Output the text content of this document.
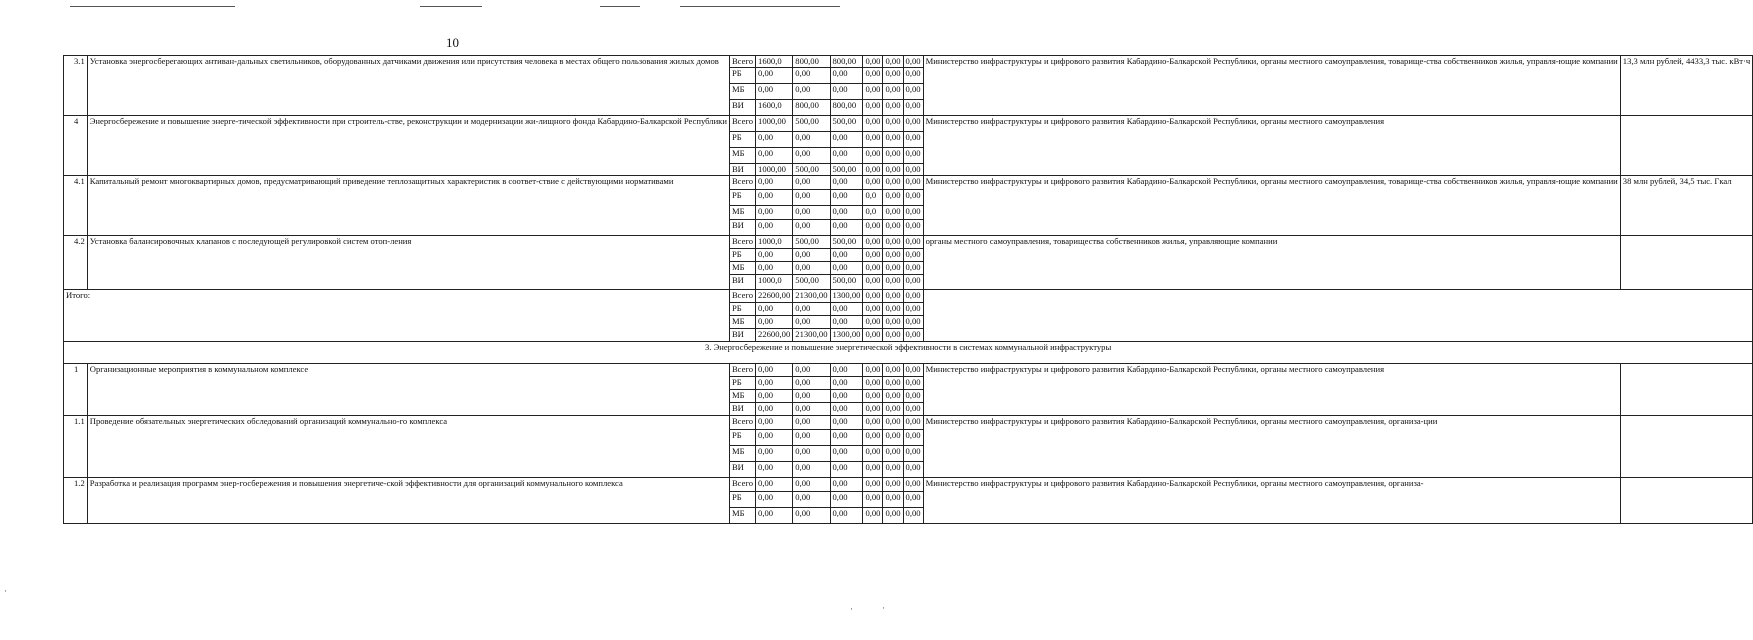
10
3.1	Установка энергосберегающих антиван-дальных светильников, оборудованных датчиками движения или присутствия человека в местах общего пользования жилых домов	Всего	1600,0	800,00	800,00	0,00	0,00	0,00	Министерство инфраструктуры и цифрового развития Кабардино-Балкарской Республики, органы местного самоуправления, товарище-ства собственников жилья, управля-ющие компании	13,3 млн рублей, 4433,3 тыс. кВт·ч
		РБ	0,00	0,00	0,00	0,00	0,00	0,00		
		МБ	0,00	0,00	0,00	0,00	0,00	0,00		
		ВИ	1600,0	800,00	800,00	0,00	0,00	0,00		
4	Энергосбережение и повышение энерге-тической эффективности при строитель-стве, реконструкции и модернизации жи-лищного фонда Кабардино-Балкарской Республики	Всего	1000,00	500,00	500,00	0,00	0,00	0,00	Министерство инфраструктуры и цифрового развития Кабардино-Балкарской Республики, органы местного самоуправления	
		РБ	0,00	0,00	0,00	0,00	0,00	0,00		
		МБ	0,00	0,00	0,00	0,00	0,00	0,00		
		ВИ	1000,00	500,00	500,00	0,00	0,00	0,00		
4.1	Капитальный ремонт многоквартирных домов, предусматривающий приведение теплозащитных характеристик в соответ-ствие с действующими нормативами	Всего	0,00	0,00	0,00	0,00	0,00	0,00	Министерство инфраструктуры и цифрового развития Кабардино-Балкарской Республики, органы местного самоуправления, товарище-ства собственников жилья, управля-ющие компании	38 млн рублей, 34,5 тыс. Гкал
		РБ	0,00	0,00	0,00	0,0	0,00	0,00		
		МБ	0,00	0,00	0,00	0,0	0,00	0,00		
		ВИ	0,00	0,00	0,00	0,00	0,00	0,00		
4.2	Установка балансировочных клапанов с последующей регулировкой систем отоп-ления	Всего	1000,0	500,00	500,00	0,00	0,00	0,00	органы местного самоуправления, товарищества собственников жилья, управляющие компании	
		РБ	0,00	0,00	0,00	0,00	0,00	0,00		
		МБ	0,00	0,00	0,00	0,00	0,00	0,00		
		ВИ	1000,0	500,00	500,00	0,00	0,00	0,00		
Итого:		Всего	22600,00	21300,00	1300,00	0,00	0,00	0,00		
		РБ	0,00	0,00	0,00	0,00	0,00	0,00		
		МБ	0,00	0,00	0,00	0,00	0,00	0,00		
		ВИ	22600,00	21300,00	1300,00	0,00	0,00	0,00		
3. Энергосбережение и повышение энергетической эффективности в системах коммунальной инфраструктуры										
1	Организационные мероприятия в коммунальном комплексе	Всего	0,00	0,00	0,00	0,00	0,00	0,00	Министерство инфраструктуры и цифрового развития Кабардино-Балкарской Республики, органы местного самоуправления	
		РБ	0,00	0,00	0,00	0,00	0,00	0,00		
		МБ	0,00	0,00	0,00	0,00	0,00	0,00		
		ВИ	0,00	0,00	0,00	0,00	0,00	0,00		
1.1	Проведение обязательных энергетических обследований организаций коммунально-го комплекса	Всего	0,00	0,00	0,00	0,00	0,00	0,00	Министерство инфраструктуры и цифрового развития Кабардино-Балкарской Республики, органы местного самоуправления, организа-ции	
		РБ	0,00	0,00	0,00	0,00	0,00	0,00		
		МБ	0,00	0,00	0,00	0,00	0,00	0,00		
		ВИ	0,00	0,00	0,00	0,00	0,00	0,00		
1.2	Разработка и реализация программ энер-госбережения и повышения энергетиче-ской эффективности для организаций коммунального комплекса	Всего	0,00	0,00	0,00	0,00	0,00	0,00	Министерство инфраструктуры и цифрового развития Кабардино-Балкарской Республики, органы местного самоуправления, организа-	
		РБ	0,00	0,00	0,00	0,00	0,00	0,00		
		МБ	0,00	0,00	0,00	0,00	0,00	0,00		
·
·	·
